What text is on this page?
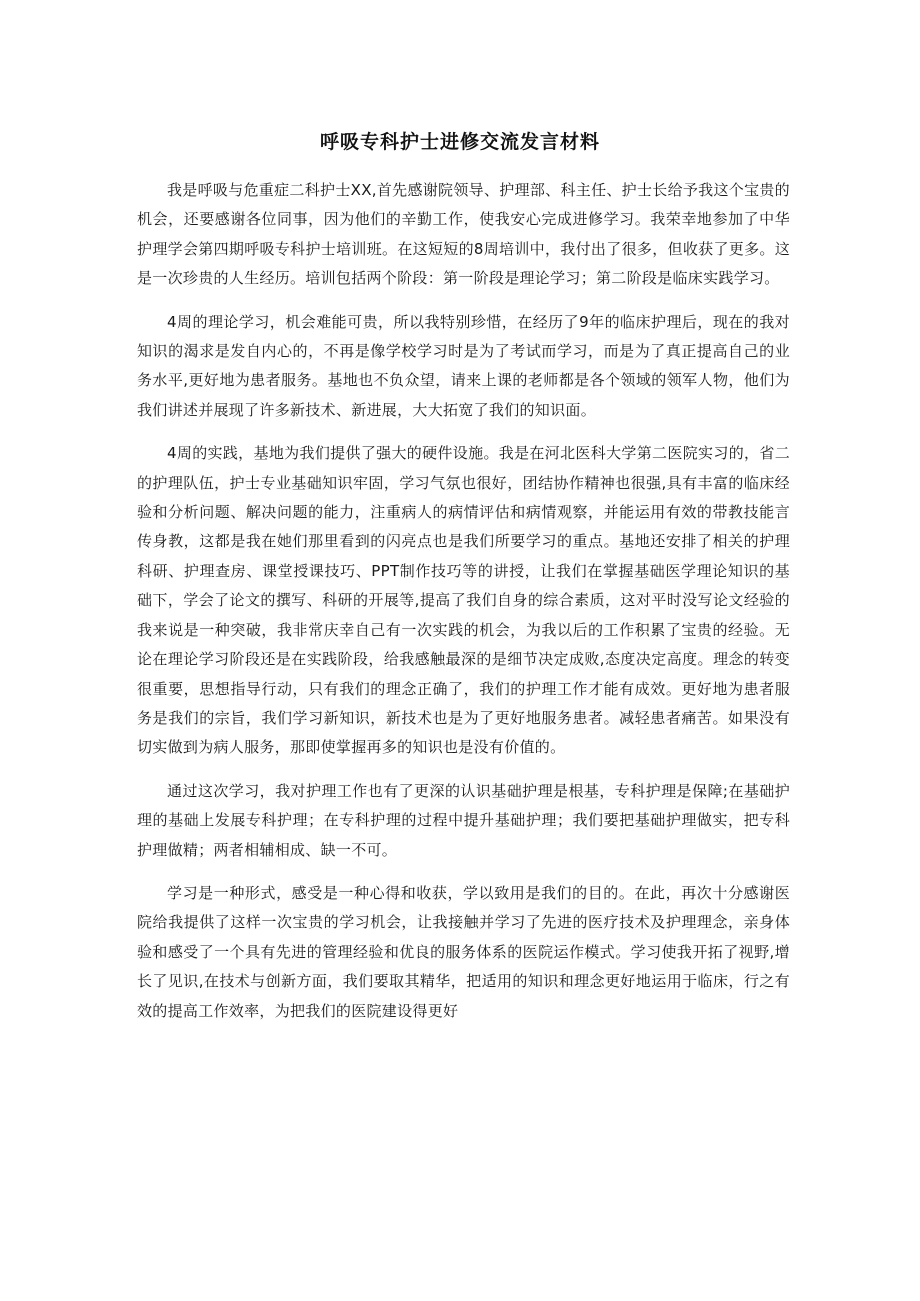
呼吸专科护士进修交流发言材料

我是呼吸与危重症二科护士XX,首先感谢院领导、护理部、科主任、护士长给予我这个宝贵的机会，还要感谢各位同事，因为他们的辛勤工作，使我安心完成进修学习。我荣幸地参加了中华护理学会第四期呼吸专科护士培训班。在这短短的8周培训中，我付出了很多，但收获了更多。这是一次珍贵的人生经历。培训包括两个阶段：第一阶段是理论学习；第二阶段是临床实践学习。

4周的理论学习，机会难能可贵，所以我特别珍惜，在经历了9年的临床护理后，现在的我对知识的渴求是发自内心的，不再是像学校学习时是为了考试而学习，而是为了真正提高自己的业务水平,更好地为患者服务。基地也不负众望，请来上课的老师都是各个领域的领军人物，他们为我们讲述并展现了许多新技术、新进展，大大拓宽了我们的知识面。

4周的实践，基地为我们提供了强大的硬件设施。我是在河北医科大学第二医院实习的，省二的护理队伍，护士专业基础知识牢固，学习气氛也很好，团结协作精神也很强,具有丰富的临床经验和分析问题、解决问题的能力，注重病人的病情评估和病情观察，并能运用有效的带教技能言传身教，这都是我在她们那里看到的闪亮点也是我们所要学习的重点。基地还安排了相关的护理科研、护理查房、课堂授课技巧、PPT制作技巧等的讲授，让我们在掌握基础医学理论知识的基础下，学会了论文的撰写、科研的开展等,提高了我们自身的综合素质，这对平时没写论文经验的我来说是一种突破，我非常庆幸自己有一次实践的机会，为我以后的工作积累了宝贵的经验。无论在理论学习阶段还是在实践阶段，给我感触最深的是细节决定成败,态度决定高度。理念的转变很重要，思想指导行动，只有我们的理念正确了，我们的护理工作才能有成效。更好地为患者服务是我们的宗旨，我们学习新知识，新技术也是为了更好地服务患者。减轻患者痛苦。如果没有切实做到为病人服务，那即使掌握再多的知识也是没有价值的。

通过这次学习，我对护理工作也有了更深的认识基础护理是根基，专科护理是保障;在基础护理的基础上发展专科护理；在专科护理的过程中提升基础护理；我们要把基础护理做实，把专科护理做精；两者相辅相成、缺一不可。

学习是一种形式，感受是一种心得和收获，学以致用是我们的目的。在此，再次十分感谢医院给我提供了这样一次宝贵的学习机会，让我接触并学习了先进的医疗技术及护理理念，亲身体验和感受了一个具有先进的管理经验和优良的服务体系的医院运作模式。学习使我开拓了视野,增长了见识,在技术与创新方面，我们要取其精华，把适用的知识和理念更好地运用于临床，行之有效的提高工作效率，为把我们的医院建设得更好
